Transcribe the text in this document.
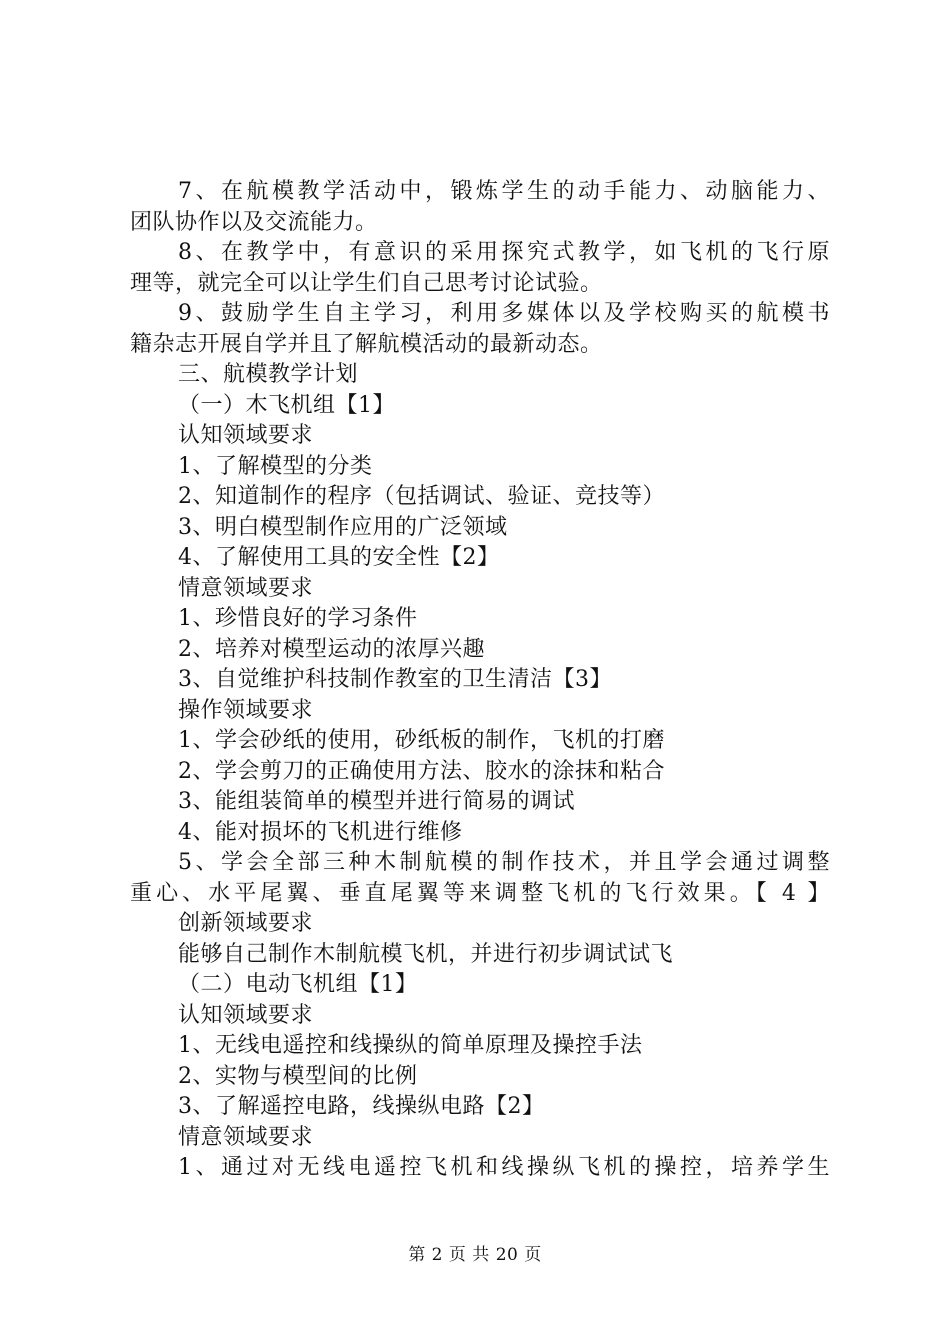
7、在航模教学活动中，锻炼学生的动手能力、动脑能力、
团队协作以及交流能力。
8、在教学中，有意识的采用探究式教学，如飞机的飞行原
理等，就完全可以让学生们自己思考讨论试验。
9、鼓励学生自主学习，利用多媒体以及学校购买的航模书
籍杂志开展自学并且了解航模活动的最新动态。
三、航模教学计划
（一）木飞机组【1】
认知领域要求
1、了解模型的分类
2、知道制作的程序（包括调试、验证、竞技等）
3、明白模型制作应用的广泛领域
4、了解使用工具的安全性【2】
情意领域要求
1、珍惜良好的学习条件
2、培养对模型运动的浓厚兴趣
3、自觉维护科技制作教室的卫生清洁【3】
操作领域要求
1、学会砂纸的使用，砂纸板的制作，飞机的打磨
2、学会剪刀的正确使用方法、胶水的涂抹和粘合
3、能组装简单的模型并进行简易的调试
4、能对损坏的飞机进行维修
5、学会全部三种木制航模的制作技术，并且学会通过调整
重心、水平尾翼、垂直尾翼等来调整飞机的飞行效果。【 4 】
创新领域要求
能够自己制作木制航模飞机，并进行初步调试试飞
（二）电动飞机组【1】
认知领域要求
1、无线电遥控和线操纵的简单原理及操控手法
2、实物与模型间的比例
3、了解遥控电路，线操纵电路【2】
情意领域要求
1、通过对无线电遥控飞机和线操纵飞机的操控，培养学生
第 2 页 共 20 页
